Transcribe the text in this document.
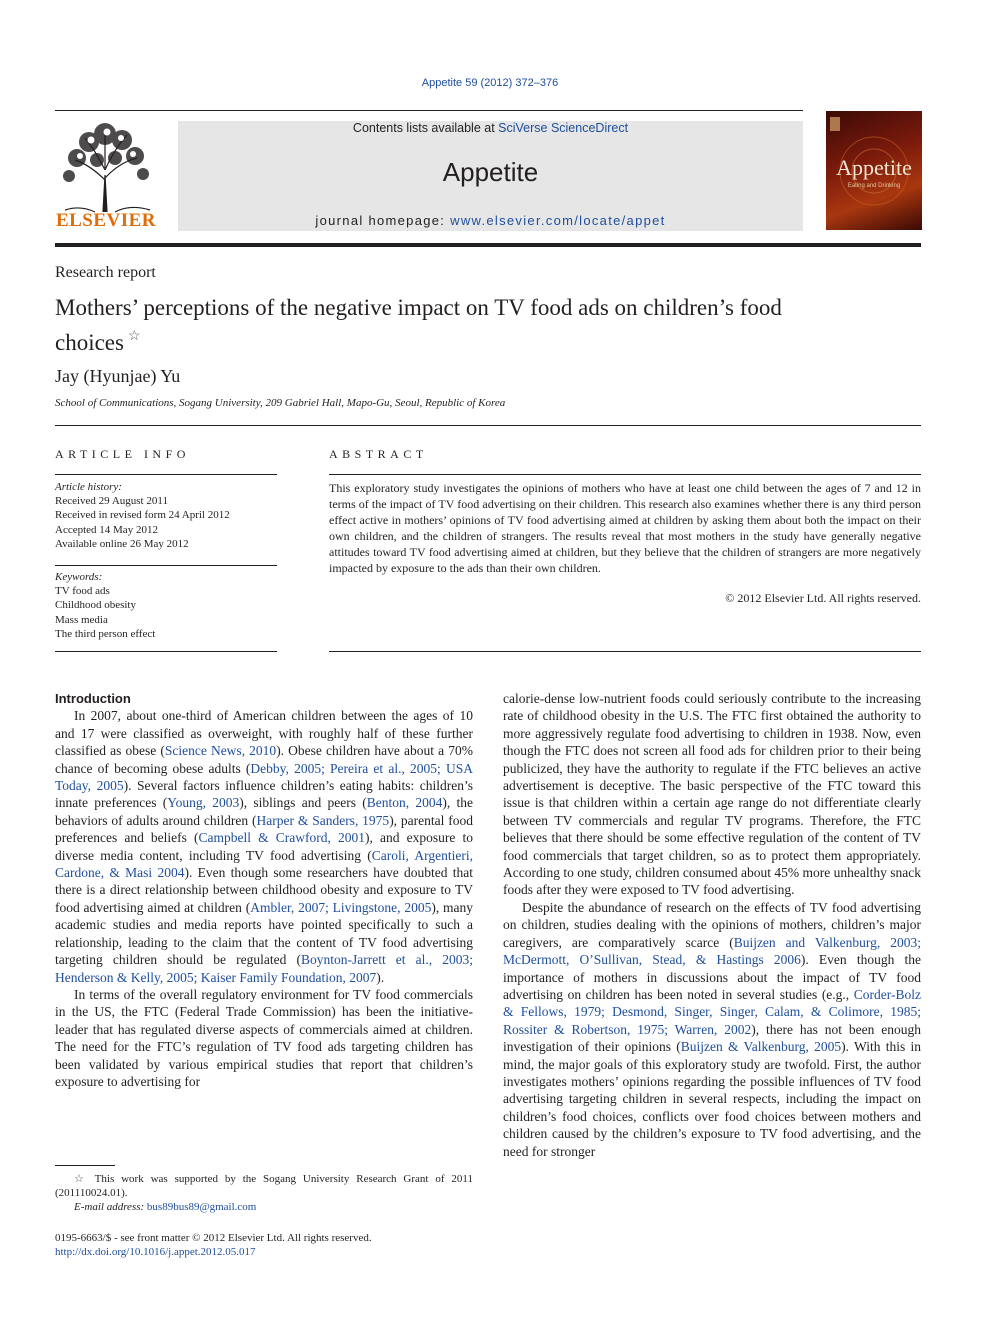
Appetite 59 (2012) 372–376
ELSEVIER
Contents lists available at SciVerse ScienceDirect
Appetite
journal homepage: www.elsevier.com/locate/appet
Appetite
Eating and Drinking
Research report
Mothers’ perceptions of the negative impact on TV food ads on children’s food choices ☆
Jay (Hyunjae) Yu
School of Communications, Sogang University, 209 Gabriel Hall, Mapo-Gu, Seoul, Republic of Korea
ARTICLE INFO
Article history:
Received 29 August 2011
Received in revised form 24 April 2012
Accepted 14 May 2012
Available online 26 May 2012
Keywords:
TV food ads
Childhood obesity
Mass media
The third person effect
ABSTRACT
This exploratory study investigates the opinions of mothers who have at least one child between the ages of 7 and 12 in terms of the impact of TV food advertising on their children. This research also examines whether there is any third person effect active in mothers’ opinions of TV food advertising aimed at children by asking them about both the impact on their own children, and the children of strangers. The results reveal that most mothers in the study have generally negative attitudes toward TV food advertising aimed at children, but they believe that the children of strangers are more negatively impacted by exposure to the ads than their own children.
© 2012 Elsevier Ltd. All rights reserved.

Introduction

In 2007, about one-third of American children between the ages of 10 and 17 were classified as overweight, with roughly half of these further classified as obese (Science News, 2010). Obese children have about a 70% chance of becoming obese adults (Debby, 2005; Pereira et al., 2005; USA Today, 2005). Several factors influence children’s eating habits: children’s innate preferences (Young, 2003), siblings and peers (Benton, 2004), the behaviors of adults around children (Harper & Sanders, 1975), parental food preferences and beliefs (Campbell & Crawford, 2001), and exposure to diverse media content, including TV food advertising (Caroli, Argentieri, Cardone, & Masi 2004). Even though some researchers have doubted that there is a direct relationship between childhood obesity and exposure to TV food advertising aimed at children (Ambler, 2007; Livingstone, 2005), many academic studies and media reports have pointed specifically to such a relationship, leading to the claim that the content of TV food advertising targeting children should be regulated (Boynton-Jarrett et al., 2003; Henderson & Kelly, 2005; Kaiser Family Foundation, 2007).

In terms of the overall regulatory environment for TV food commercials in the US, the FTC (Federal Trade Commission) has been the initiative-leader that has regulated diverse aspects of commercials aimed at children. The need for the FTC’s regulation of TV food ads targeting children has been validated by various empirical studies that report that children’s exposure to advertising for

calorie-dense low-nutrient foods could seriously contribute to the increasing rate of childhood obesity in the U.S. The FTC first obtained the authority to more aggressively regulate food advertising to children in 1938. Now, even though the FTC does not screen all food ads for children prior to their being publicized, they have the authority to regulate if the FTC believes an active advertisement is deceptive. The basic perspective of the FTC toward this issue is that children within a certain age range do not differentiate clearly between TV commercials and regular TV programs. Therefore, the FTC believes that there should be some effective regulation of the content of TV food commercials that target children, so as to protect them appropriately. According to one study, children consumed about 45% more unhealthy snack foods after they were exposed to TV food advertising.

Despite the abundance of research on the effects of TV food advertising on children, studies dealing with the opinions of mothers, children’s major caregivers, are comparatively scarce (Buijzen and Valkenburg, 2003; McDermott, O’Sullivan, Stead, & Hastings 2006). Even though the importance of mothers in discussions about the impact of TV food advertising on children has been noted in several studies (e.g., Corder-Bolz & Fellows, 1979; Desmond, Singer, Singer, Calam, & Colimore, 1985; Rossiter & Robertson, 1975; Warren, 2002), there has not been enough investigation of their opinions (Buijzen & Valkenburg, 2005). With this in mind, the major goals of this exploratory study are twofold. First, the author investigates mothers’ opinions regarding the possible influences of TV food advertising targeting children in several respects, including the impact on children’s food choices, conflicts over food choices between mothers and children caused by the children’s exposure to TV food advertising, and the need for stronger

☆ This work was supported by the Sogang University Research Grant of 2011 (201110024.01).
E-mail address: bus89bus89@gmail.com
0195-6663/$ - see front matter © 2012 Elsevier Ltd. All rights reserved.
http://dx.doi.org/10.1016/j.appet.2012.05.017
